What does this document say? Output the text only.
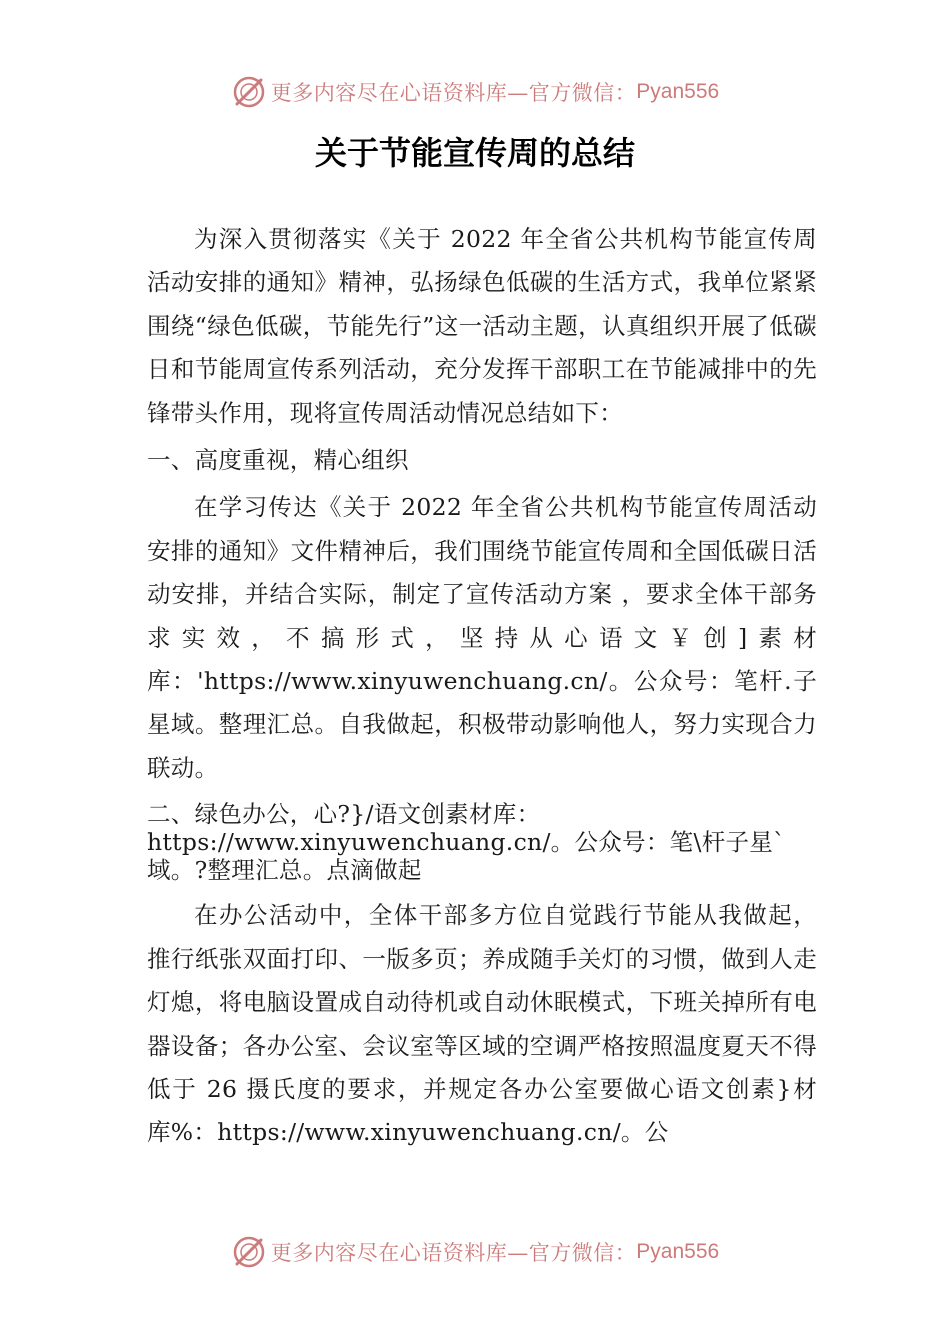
更多内容尽在心语资料库—官方微信： Pyan556
关于节能宣传周的总结

为深入贯彻落实《关于 2022 年全省公共机构节能宣传周活动安排的通知》精神，弘扬绿色低碳的生活方式，我单位紧紧围绕“绿色低碳，节能先行”这一活动主题，认真组织开展了低碳日和节能周宣传系列活动，充分发挥干部职工在节能减排中的先锋带头作用，现将宣传周活动情况总结如下：

一、高度重视，精心组织

在学习传达《关于 2022 年全省公共机构节能宣传周活动安排的通知》文件精神后，我们围绕节能宣传周和全国低碳日活动安排，并结合实际，制定了宣传活动方案 ，要求全体干部务求实效，不搞形式，坚持从心语文￥创]素材库：'https://www.xinyuwenchuang.cn/。公众号：笔杆.子星域。整理汇总。自我做起，积极带动影响他人，努力实现合力联动。

二、绿色办公，心?}/语文创素材库：https://www.xinyuwenchuang.cn/。公众号：笔\杆子星`域。?整理汇总。点滴做起

在办公活动中，全体干部多方位自觉践行节能从我做起， 推行纸张双面打印、一版多页；养成随手关灯的习惯，做到人走灯熄，将电脑设置成自动待机或自动休眠模式，下班关掉所有电器设备；各办公室、会议室等区域的空调严格按照温度夏天不得低于 26 摄氏度的要求，并规定各办公室要做心语文创素}材库%：https://www.xinyuwenchuang.cn/。公

更多内容尽在心语资料库—官方微信： Pyan556
